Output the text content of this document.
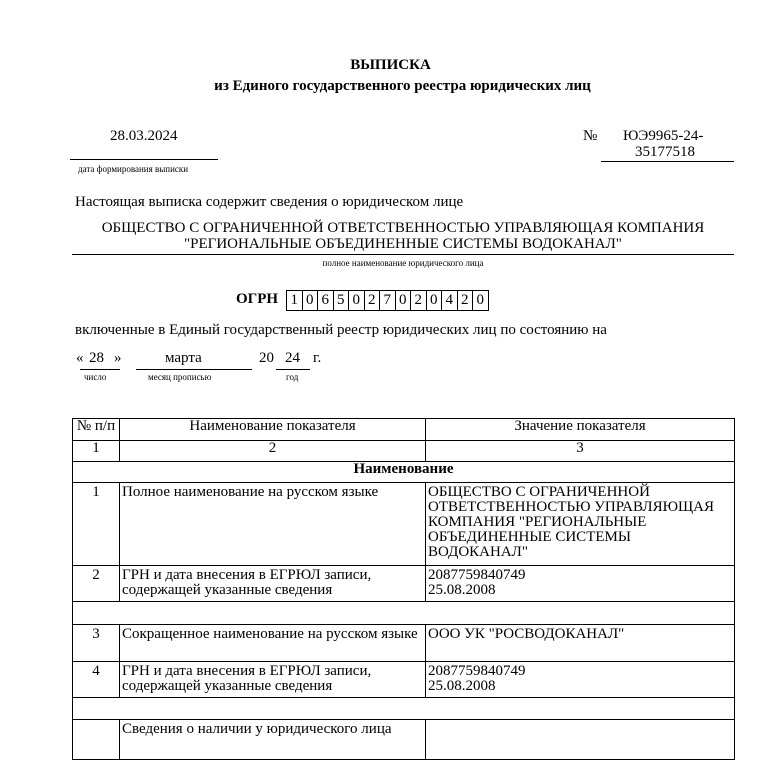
ВЫПИСКА
из Единого государственного реестра юридических лиц
28.03.2024
дата формирования выписки
№ ЮЭ9965-24-
35177518
Настоящая выписка содержит сведения о юридическом лице
ОБЩЕСТВО С ОГРАНИЧЕННОЙ ОТВЕТСТВЕННОСТЬЮ УПРАВЛЯЮЩАЯ КОМПАНИЯ
"РЕГИОНАЛЬНЫЕ ОБЪЕДИНЕННЫЕ СИСТЕМЫ ВОДОКАНАЛ"
полное наименование юридического лица
ОГРН 1 0 6 5 0 2 7 0 2 0 4 2 0
включенные в Единый государственный реестр юридических лиц по состоянию на
« 28 »	марта	20 24 г.
число	месяц прописью	год
№ п/п	Наименование показателя	Значение показателя
1	2	3
Наименование		
1	Полное наименование на русском языке	ОБЩЕСТВО С ОГРАНИЧЕННОЙ ОТВЕТСТВЕННОСТЬЮ УПРАВЛЯЮЩАЯ КОМПАНИЯ "РЕГИОНАЛЬНЫЕ ОБЪЕДИНЕННЫЕ СИСТЕМЫ ВОДОКАНАЛ"
2	ГРН и дата внесения в ЕГРЮЛ записи, содержащей указанные сведения	2087759840749
25.08.2008

3	Сокращенное наименование на русском языке	ООО УК "РОСВОДОКАНАЛ"
4	ГРН и дата внесения в ЕГРЮЛ записи, содержащей указанные сведения	2087759840749
25.08.2008

	Сведения о наличии у юридического лица	
